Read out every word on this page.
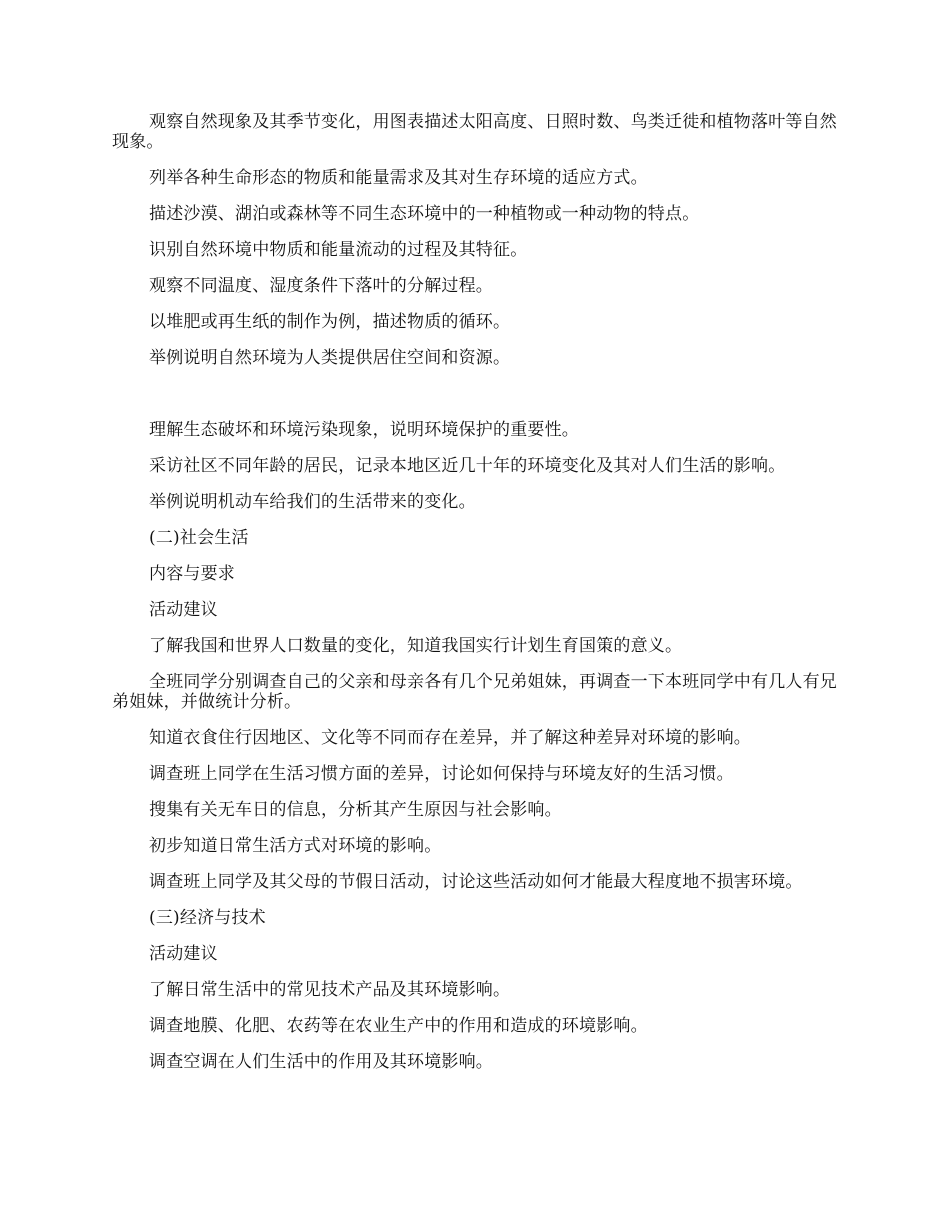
观察自然现象及其季节变化，用图表描述太阳高度、日照时数、鸟类迁徙和植物落叶等自然现象。

列举各种生命形态的物质和能量需求及其对生存环境的适应方式。

描述沙漠、湖泊或森林等不同生态环境中的一种植物或一种动物的特点。

识别自然环境中物质和能量流动的过程及其特征。

观察不同温度、湿度条件下落叶的分解过程。

以堆肥或再生纸的制作为例，描述物质的循环。

举例说明自然环境为人类提供居住空间和资源。

理解生态破坏和环境污染现象，说明环境保护的重要性。

采访社区不同年龄的居民，记录本地区近几十年的环境变化及其对人们生活的影响。

举例说明机动车给我们的生活带来的变化。

(二)社会生活

内容与要求

活动建议

了解我国和世界人口数量的变化，知道我国实行计划生育国策的意义。

全班同学分别调查自己的父亲和母亲各有几个兄弟姐妹，再调查一下本班同学中有几人有兄弟姐妹，并做统计分析。

知道衣食住行因地区、文化等不同而存在差异，并了解这种差异对环境的影响。

调查班上同学在生活习惯方面的差异，讨论如何保持与环境友好的生活习惯。

搜集有关无车日的信息，分析其产生原因与社会影响。

初步知道日常生活方式对环境的影响。

调查班上同学及其父母的节假日活动，讨论这些活动如何才能最大程度地不损害环境。

(三)经济与技术

活动建议

了解日常生活中的常见技术产品及其环境影响。

调查地膜、化肥、农药等在农业生产中的作用和造成的环境影响。

调查空调在人们生活中的作用及其环境影响。
